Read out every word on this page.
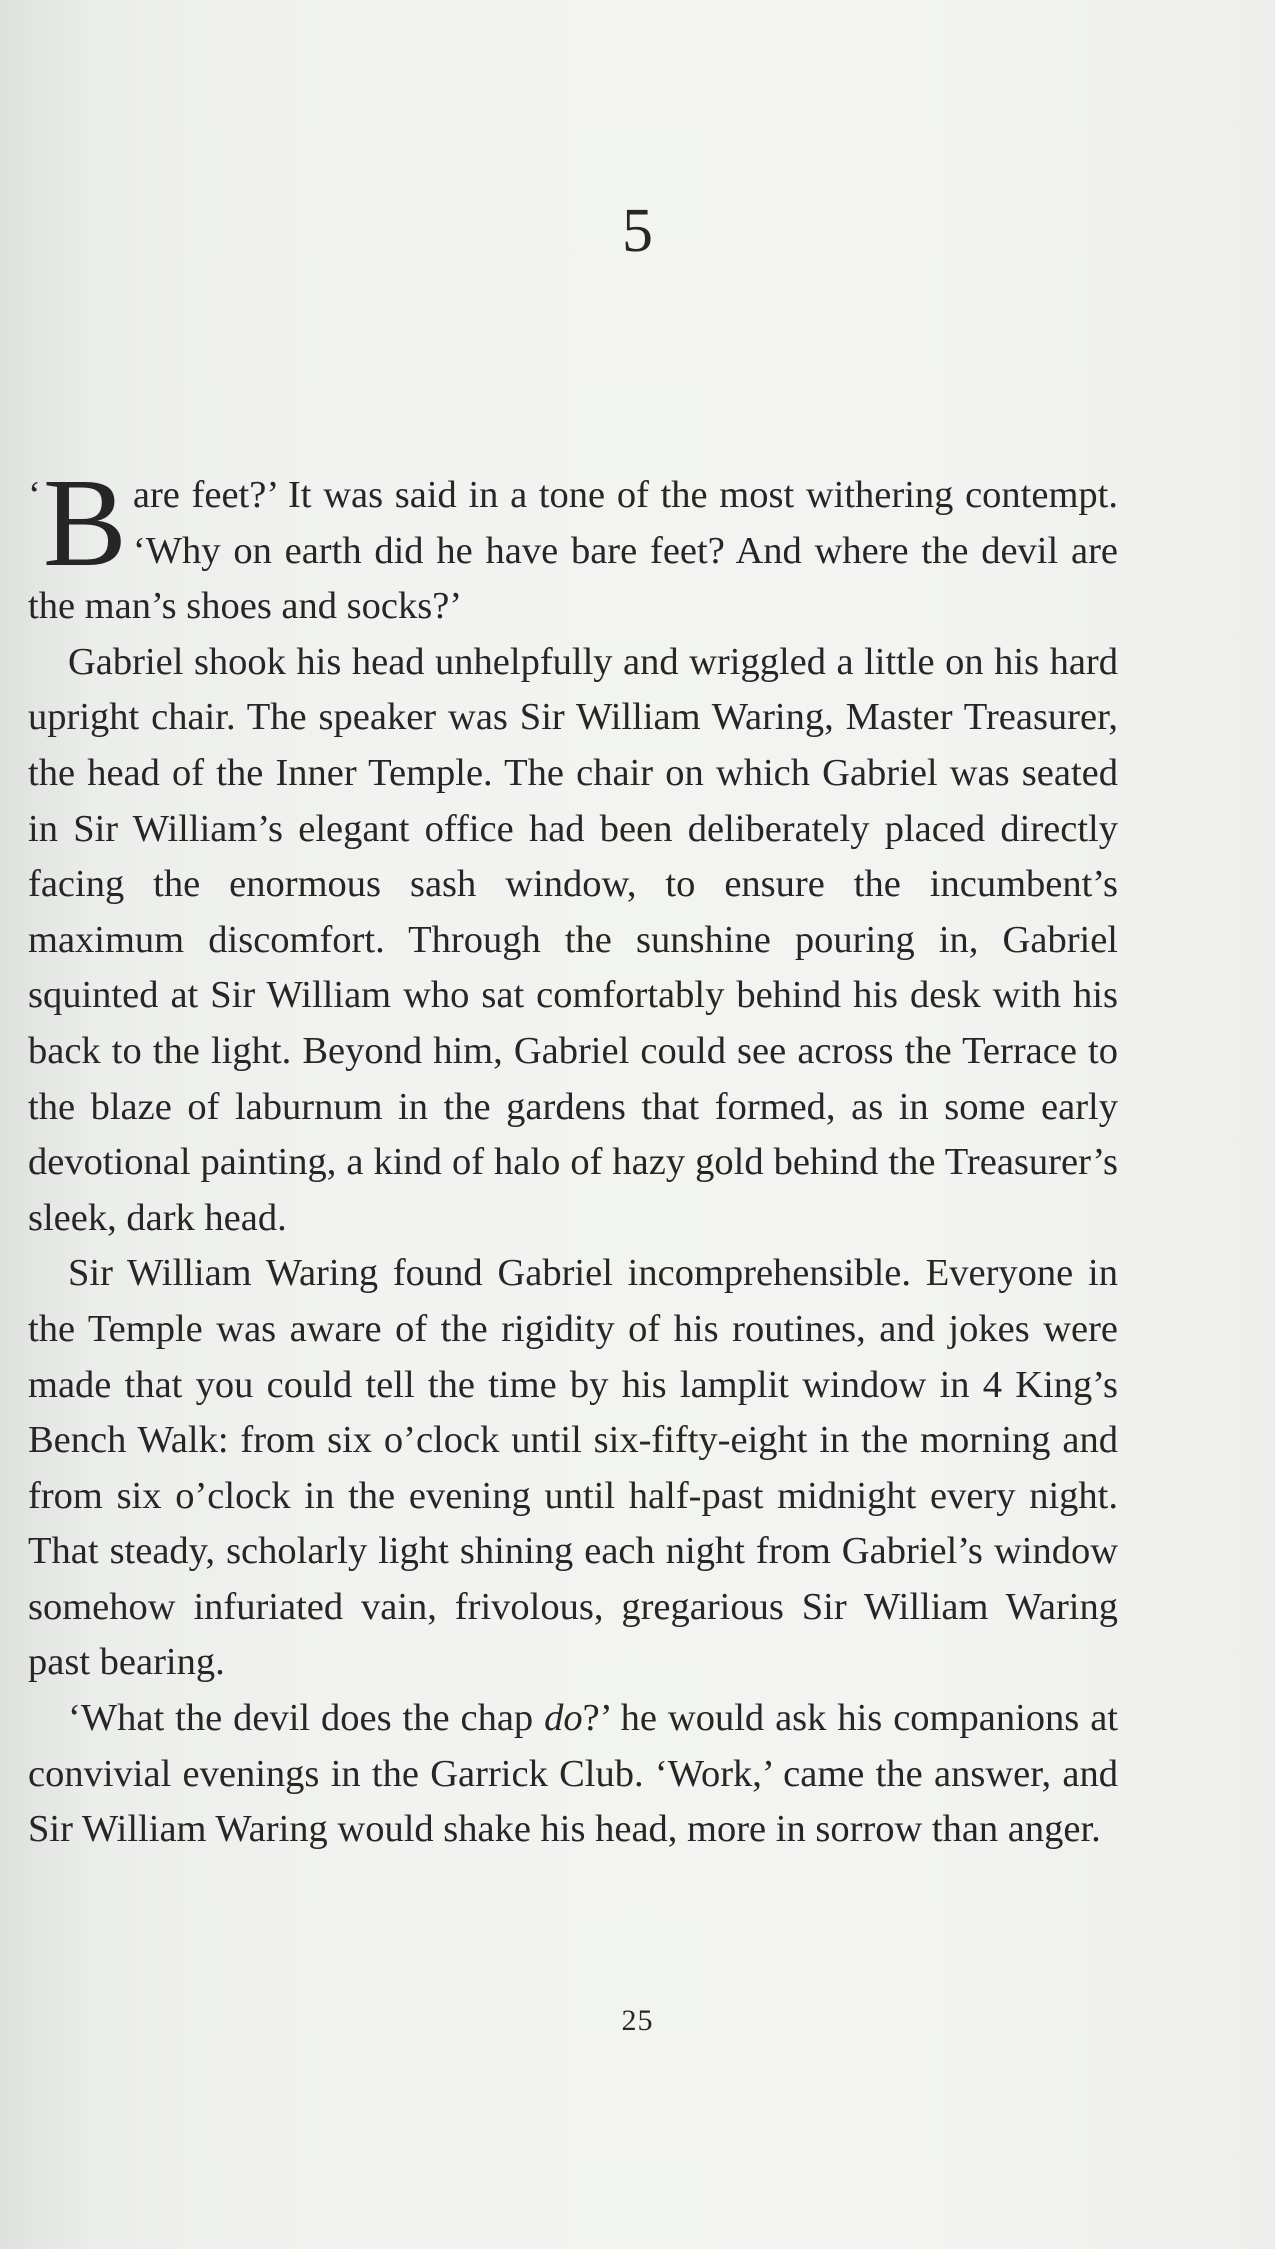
5

‘ B are feet?’ It was said in a tone of the most withering contempt. ‘Why on earth did he have bare feet? And where the devil are the man’s shoes and socks?’

Gabriel shook his head unhelpfully and wriggled a little on his hard upright chair. The speaker was Sir William Waring, Master Treasurer, the head of the Inner Temple. The chair on which Gabriel was seated in Sir William’s elegant office had been deliberately placed directly facing the enormous sash window, to ensure the incumbent’s maximum discomfort. Through the sunshine pouring in, Gabriel squinted at Sir William who sat comfortably behind his desk with his back to the light. Beyond him, Gabriel could see across the Terrace to the blaze of laburnum in the gardens that formed, as in some early devotional painting, a kind of halo of hazy gold behind the Treasurer’s sleek, dark head.

Sir William Waring found Gabriel incomprehensible. Everyone in the Temple was aware of the rigidity of his routines, and jokes were made that you could tell the time by his lamplit window in 4 King’s Bench Walk: from six o’clock until six-fifty-eight in the morning and from six o’clock in the evening until half-past midnight every night. That steady, scholarly light shining each night from Gabriel’s window somehow infuriated vain, frivolous, gregarious Sir William Waring past bearing.

‘What the devil does the chap do?’ he would ask his companions at convivial evenings in the Garrick Club. ‘Work,’ came the answer, and Sir William Waring would shake his head, more in sorrow than anger.

25
